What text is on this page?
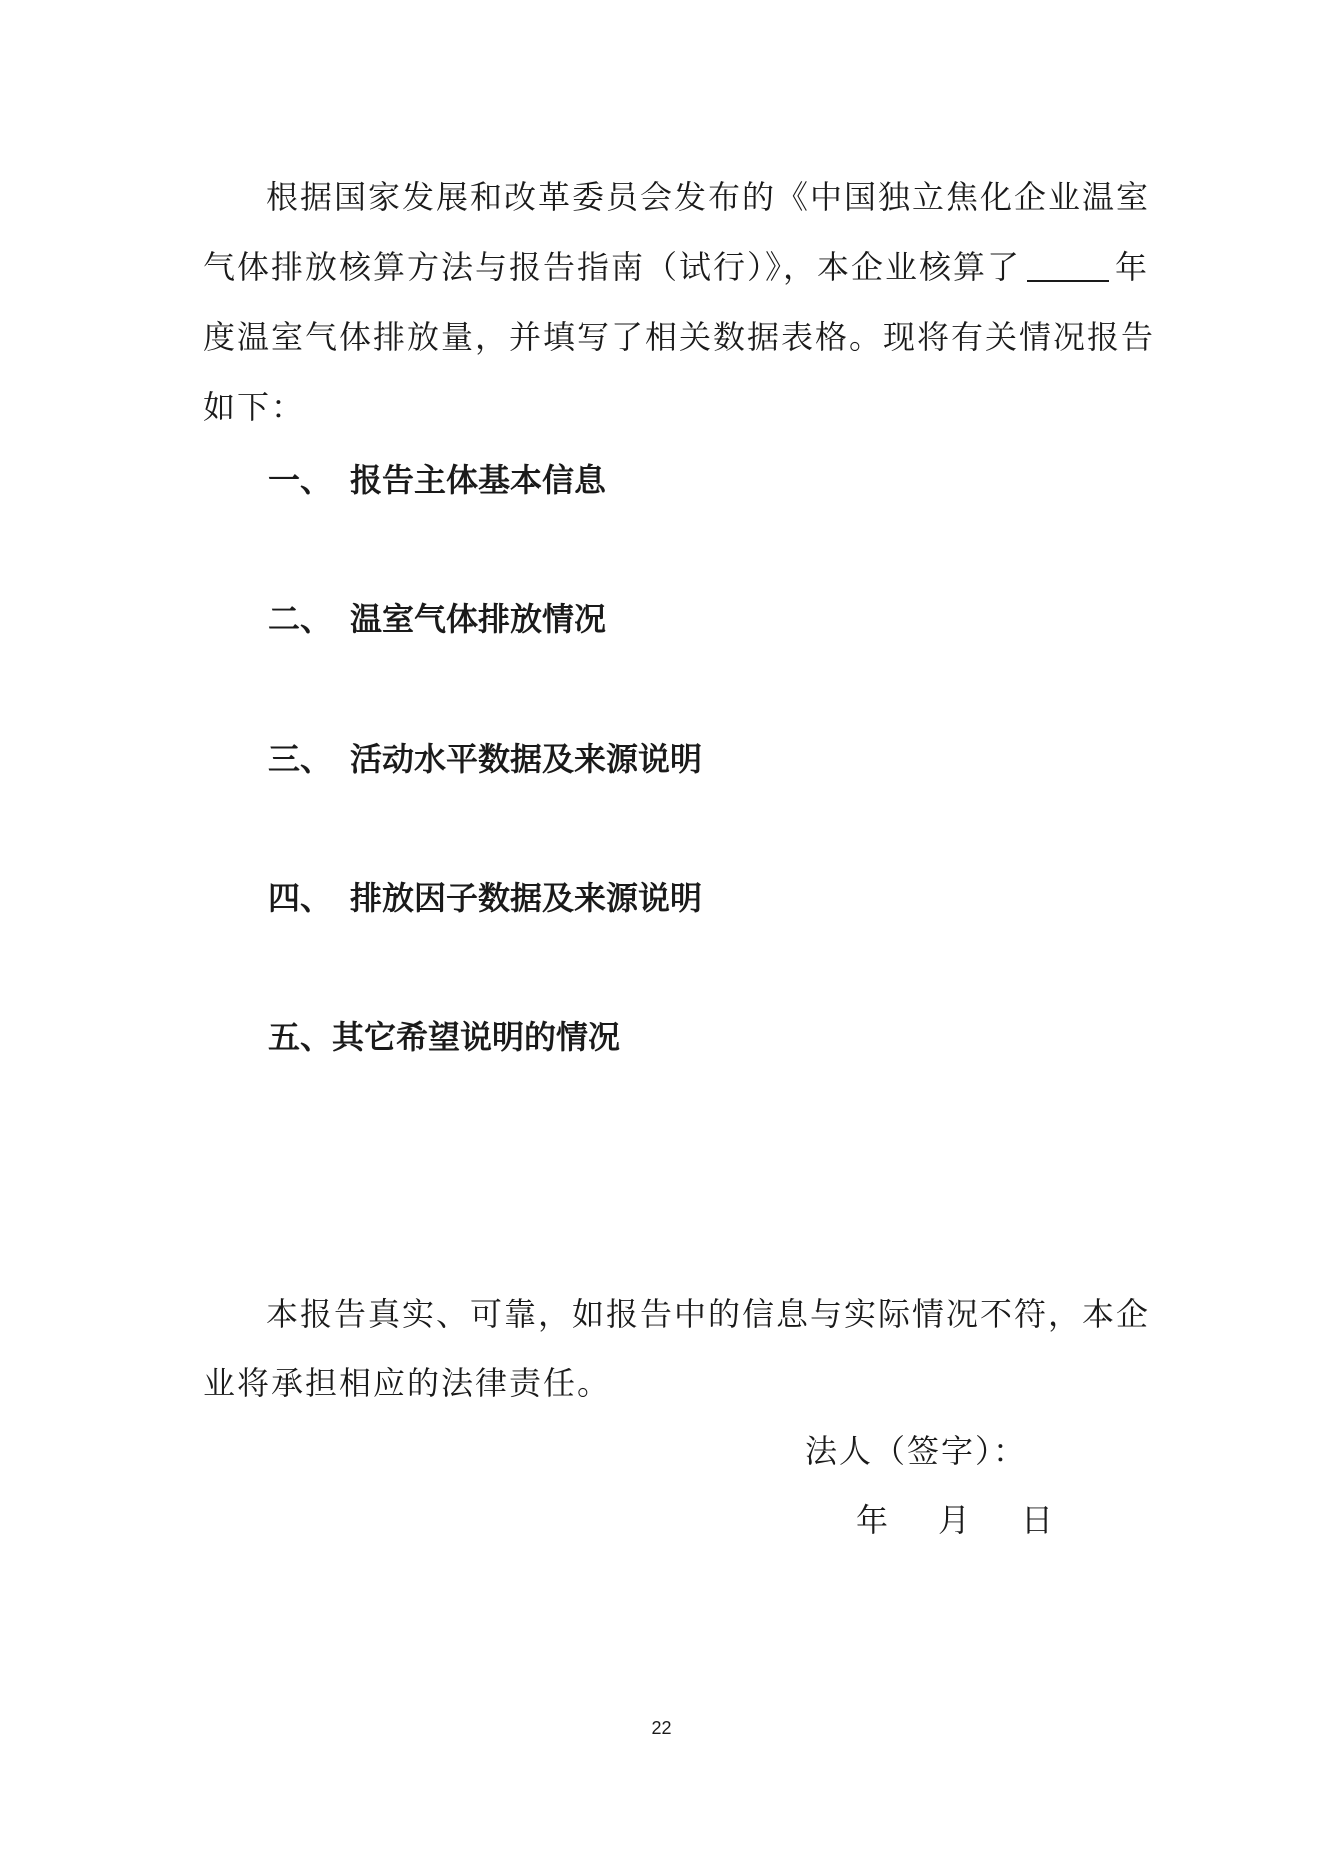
根据国家发展和改革委员会发布的《中国独立焦化企业温室
气体排放核算方法与报告指南（试行）》，本企业核算了	年
度温室气体排放量，并填写了相关数据表格。现将有关情况报告
如下：
一、 报告主体基本信息
二、 温室气体排放情况
三、 活动水平数据及来源说明
四、 排放因子数据及来源说明
五、其它希望说明的情况
本报告真实、可靠，如报告中的信息与实际情况不符，本企
业将承担相应的法律责任。
法人（签字）：
年 月 日
22
